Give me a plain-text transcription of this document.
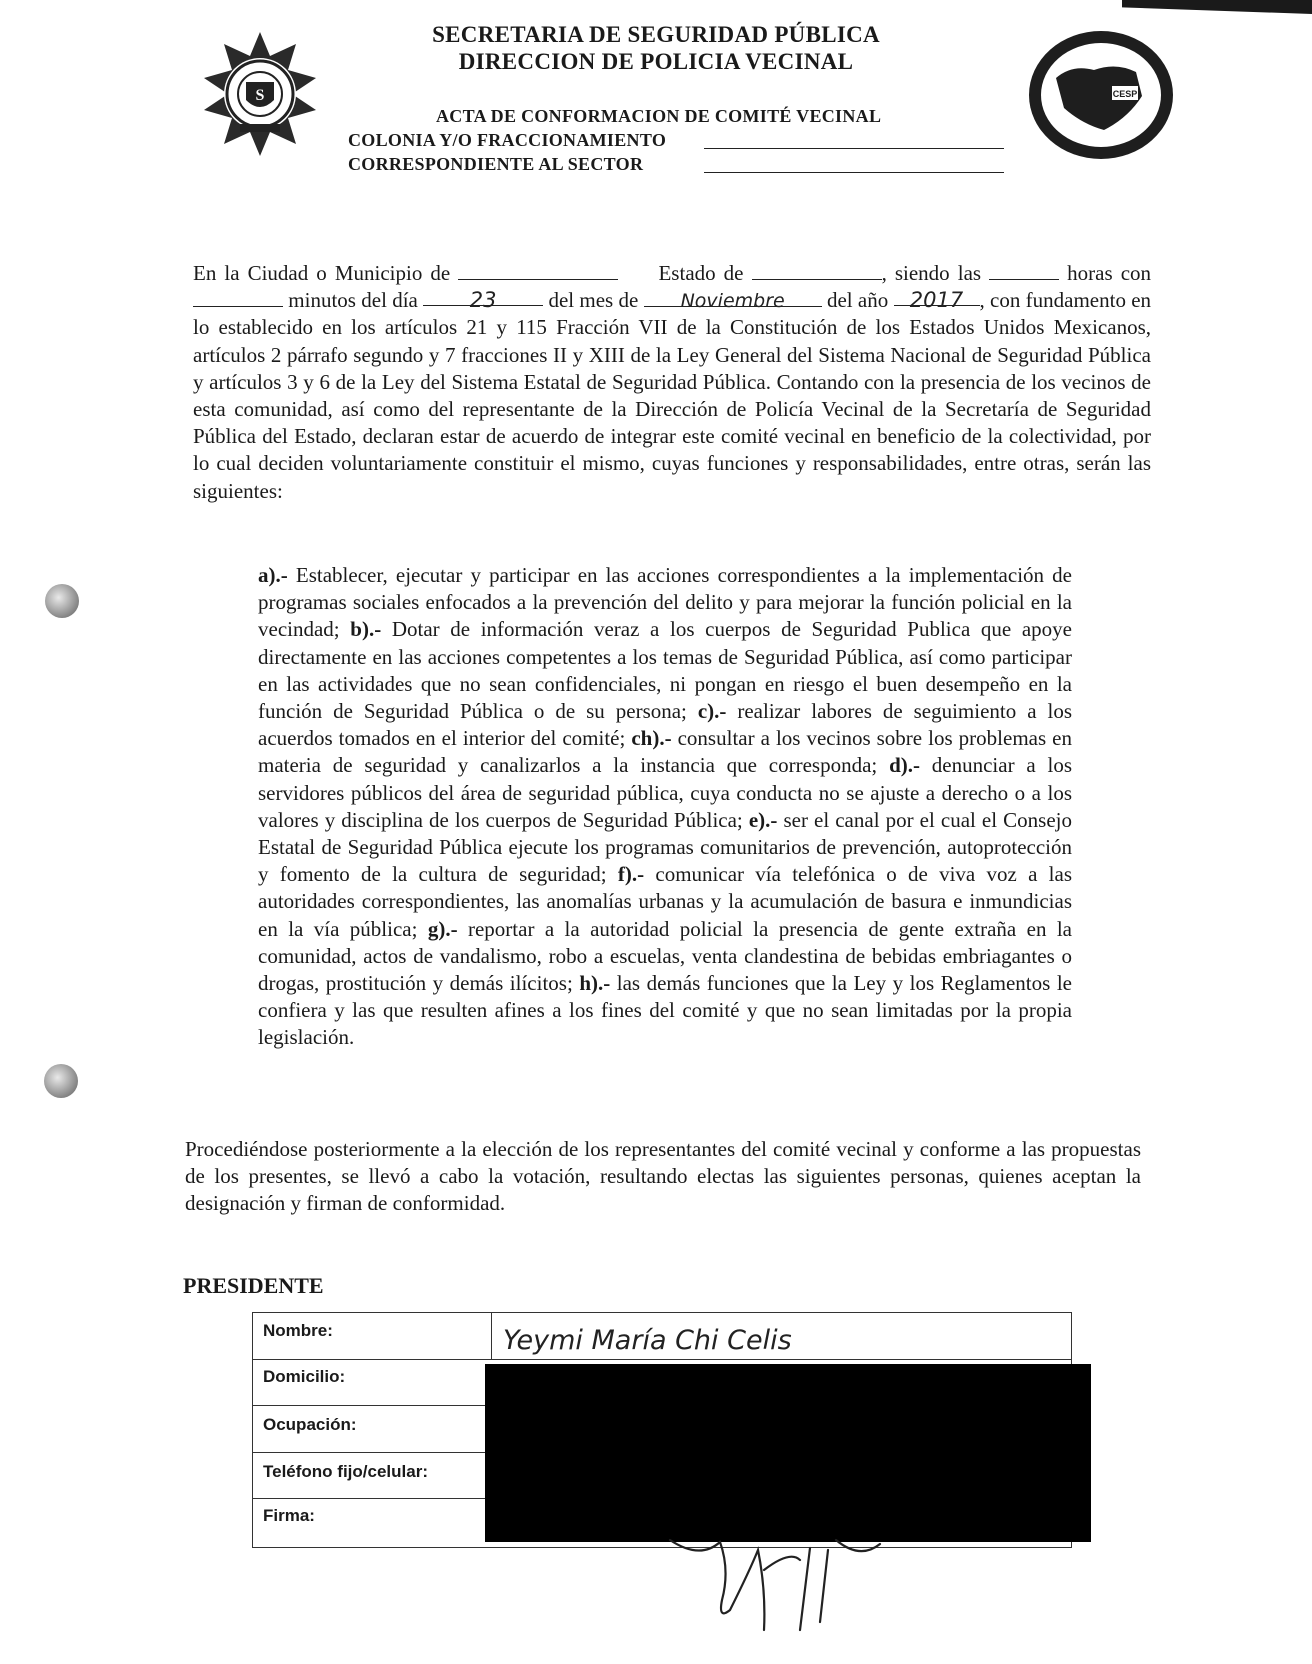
S
SECRETARIA DE SEGURIDAD PÚBLICA
DIRECCION DE POLICIA VECINAL
CESP
ACTA DE CONFORMACION DE COMITÉ VECINAL
COLONIA Y/O FRACCIONAMIENTO
CORRESPONDIENTE AL SECTOR
En la Ciudad o Municipio de	Estado de	, siendo las	horas con  minutos del día 23 del mes de Noviembre del año 2017 , con fundamento en lo establecido en los artículos 21 y 115 Fracción VII de la Constitución de los Estados Unidos Mexicanos, artículos 2 párrafo segundo y 7 fracciones II y XIII de la Ley General del Sistema Nacional de Seguridad Pública y artículos 3 y 6 de la Ley del Sistema Estatal de Seguridad Pública. Contando con la presencia de los vecinos de esta comunidad, así como del representante de la Dirección de Policía Vecinal de la Secretaría de Seguridad Pública del Estado, declaran estar de acuerdo de integrar este comité vecinal en beneficio de la colectividad, por lo cual deciden voluntariamente constituir el mismo, cuyas funciones y responsabilidades, entre otras, serán las siguientes:
a).- Establecer, ejecutar y participar en las acciones correspondientes a la implementación de programas sociales enfocados a la prevención del delito y para mejorar la función policial en la vecindad; b).- Dotar de información veraz a los cuerpos de Seguridad Publica que apoye directamente en las acciones competentes a los temas de Seguridad Pública, así como participar en las actividades que no sean confidenciales, ni pongan en riesgo el buen desempeño en la función de Seguridad Pública o de su persona; c).- realizar labores de seguimiento a los acuerdos tomados en el interior del comité; ch).- consultar a los vecinos sobre los problemas en materia de seguridad y canalizarlos a la instancia que corresponda; d).- denunciar a los servidores públicos del área de seguridad pública, cuya conducta no se ajuste a derecho o a los valores y disciplina de los cuerpos de Seguridad Pública; e).- ser el canal por el cual el Consejo Estatal de Seguridad Pública ejecute los programas comunitarios de prevención, autoprotección y fomento de la cultura de seguridad; f).- comunicar vía telefónica o de viva voz a las autoridades correspondientes, las anomalías urbanas y la acumulación de basura e inmundicias en la vía pública; g).- reportar a la autoridad policial la presencia de gente extraña en la comunidad, actos de vandalismo, robo a escuelas, venta clandestina de bebidas embriagantes o drogas, prostitución y demás ilícitos; h).- las demás funciones que la Ley y los Reglamentos le confiera y las que resulten afines a los fines del comité y que no sean limitadas por la propia legislación.
Procediéndose posteriormente a la elección de los representantes del comité vecinal y conforme a las propuestas de los presentes, se llevó a cabo la votación, resultando electas las siguientes personas, quienes aceptan la designación y firman de conformidad.
PRESIDENTE
Nombre:	Yeymi María Chi Celis
Domicilio:
Ocupación:
Teléfono fijo/celular:
Firma:
